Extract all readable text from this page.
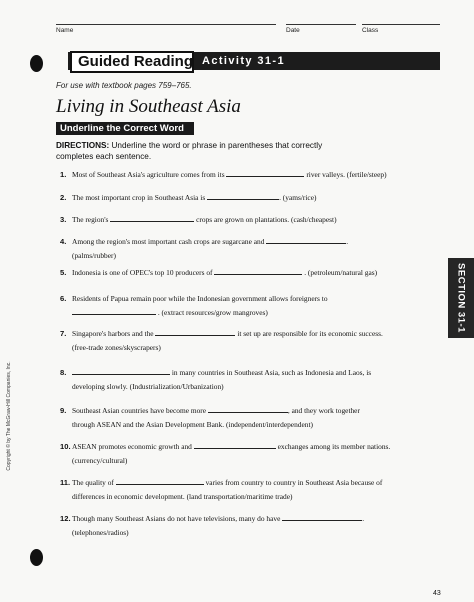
Name	Date	Class
Guided Reading Activity 31-1
For use with textbook pages 759–765.
Living in Southeast Asia
Underline the Correct Word
DIRECTIONS: Underline the word or phrase in parentheses that correctly completes each sentence.
1. Most of Southeast Asia's agriculture comes from its	river valleys. (fertile/steep)
2. The most important crop in Southeast Asia is	. (yams/rice)
3. The region's	crops are grown on plantations. (cash/cheapest)
4. Among the region's most important cash crops are sugarcane and	.
(palms/rubber)
5. Indonesia is one of OPEC's top 10 producers of	. (petroleum/natural gas)
6. Residents of Papua remain poor while the Indonesian government allows foreigners to
. (extract resources/grow mangroves)
7. Singapore's harbors and the	it set up are responsible for its economic success.
(free-trade zones/skyscrapers)
8.	in many countries in Southeast Asia, such as Indonesia and Laos, is
developing slowly. (Industrialization/Urbanization)
9. Southeast Asian countries have become more	, and they work together
through ASEAN and the Asian Development Bank. (independent/interdependent)
10. ASEAN promotes economic growth and	exchanges among its member nations.
(currency/cultural)
11. The quality of	varies from country to country in Southeast Asia because of
differences in economic development. (land transportation/maritime trade)
12. Though many Southeast Asians do not have televisions, many do have	.
(telephones/radios)
SECTION 31-1
Copyright © by The McGraw-Hill Companies, Inc.
43
